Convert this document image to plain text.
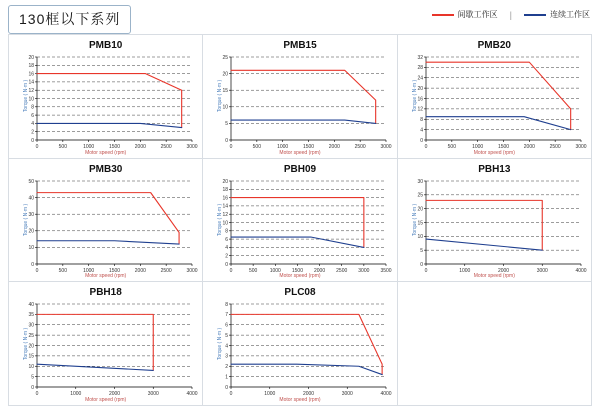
130框以下系列	间歇工作区 |	连续工作区
PMB10
Torque ( N·m )
Motor speed (rpm)
0
2
4
6
8
10
12
14
16
18
20
0	500	1000	1500	2000	2500	3000
PMB15
Torque ( N·m )
Motor speed (rpm)
0
5
10
15
20
25
0	500	1000	1500	2000	2500	3000
PMB20
Torque ( N·m )
Motor speed (rpm)
0
4
8
12
16
20
24
28
32
0	500	1000	1500	2000	2500	3000
PMB30
Torque ( N·m )
Motor speed (rpm)
0
10
20
30
40
50
0	500	1000	1500	2000	2500	3000
PBH09
Torque ( N·m )
Motor speed (rpm)
0
2
4
6
8
10
12
14
16
18
20
0	500 1000 1500 2000 2500 3000 3500
PBH13
Torque ( N·m )
Motor speed (rpm)
0
5
10
15
20
25
30
0	1000	2000	3000	4000
PBH18
Torque ( N·m )
Motor speed (rpm)
0
5
10
15
20
25
30
35
40
0	1000	2000	3000	4000
PLC08
Torque ( N·m )
Motor speed (rpm)
0
1
2
3
4
5
6
7
8
0	1000	2000	3000	4000
